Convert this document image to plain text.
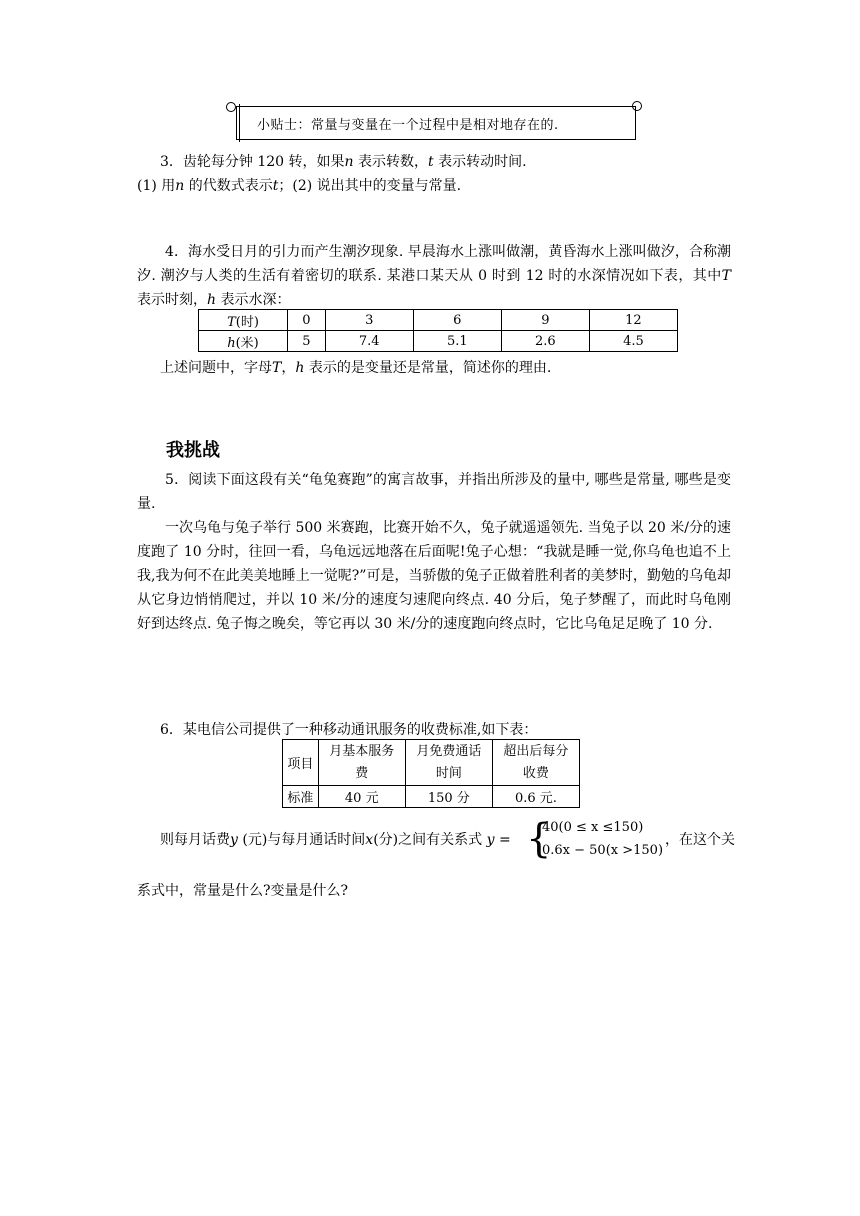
小贴士：常量与变量在一个过程中是相对地存在的.
3．齿轮每分钟 120 转，如果n 表示转数，t 表示转动时间.
(1) 用n 的代数式表示t；(2) 说出其中的变量与常量.
4．海水受日月的引力而产生潮汐现象. 早晨海水上涨叫做潮，黄昏海水上涨叫做汐，合称潮汐. 潮汐与人类的生活有着密切的联系. 某港口某天从 0 时到 12 时的水深情况如下表，其中T 表示时刻，h 表示水深：
T(时)	0	3	6	9	12
h(米)	5	7.4	5.1	2.6	4.5
上述问题中，字母T，h 表示的是变量还是常量，简述你的理由.
我挑战
5．阅读下面这段有关“龟兔赛跑”的寓言故事，并指出所涉及的量中, 哪些是常量, 哪些是变量.
一次乌龟与兔子举行 500 米赛跑，比赛开始不久，兔子就遥遥领先. 当兔子以 20 米/分的速度跑了 10 分时，往回一看，乌龟远远地落在后面呢!兔子心想：“我就是睡一觉,你乌龟也追不上我,我为何不在此美美地睡上一觉呢?”可是，当骄傲的兔子正做着胜利者的美梦时，勤勉的乌龟却从它身边悄悄爬过，并以 10 米/分的速度匀速爬向终点. 40 分后，兔子梦醒了，而此时乌龟刚好到达终点. 兔子悔之晚矣，等它再以 30 米/分的速度跑向终点时，它比乌龟足足晚了 10 分.
6．某电信公司提供了一种移动通讯服务的收费标准,如下表：
项目	月基本服务费	月免费通话时间	超出后每分收费
标准	40 元	150 分	0.6 元.
则每月话费y (元)与每月通话时间x(分)之间有关系式 y = {
40(0 ≤ x ≤150)
0.6x − 50(x >150)
，在这个关
系式中，常量是什么?变量是什么?
